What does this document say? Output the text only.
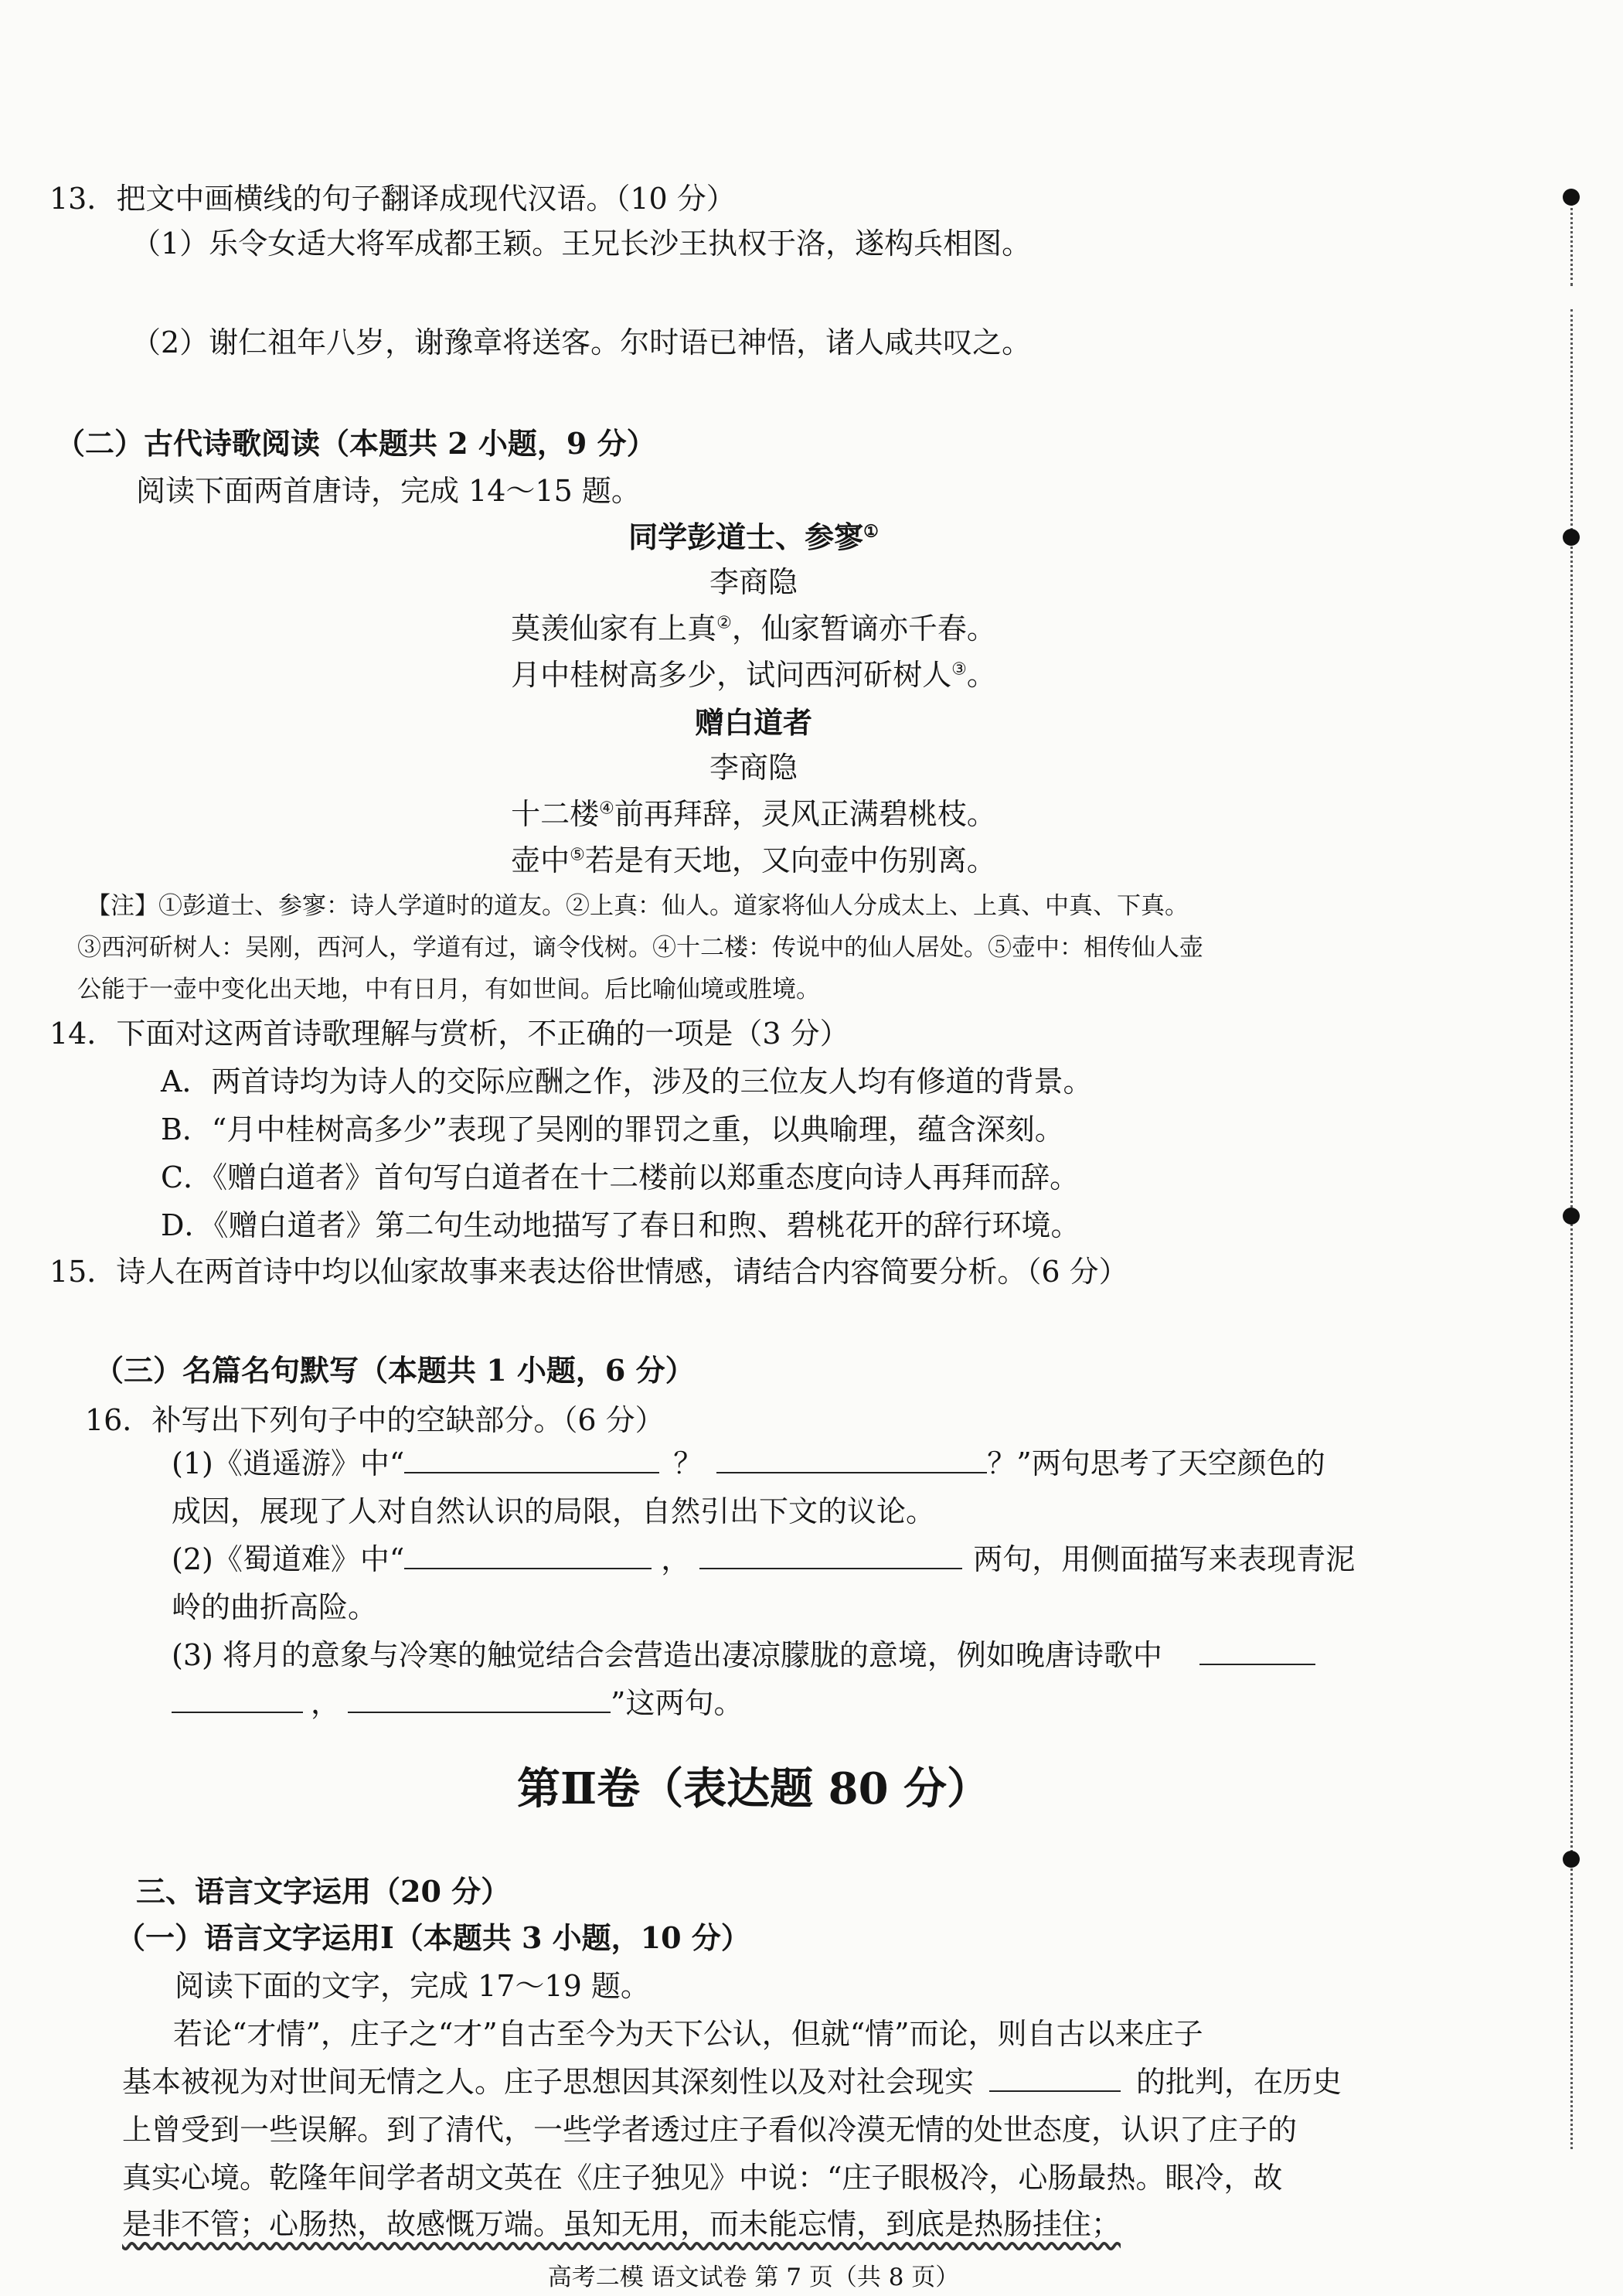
13．把文中画横线的句子翻译成现代汉语。（10 分）
（1）乐令女适大将军成都王颖。王兄长沙王执权于洛，遂构兵相图。
（2）谢仁祖年八岁，谢豫章将送客。尔时语已神悟，诸人咸共叹之。
（二）古代诗歌阅读（本题共 2 小题，9 分）
阅读下面两首唐诗，完成 14～15 题。
同学彭道士、参寥①
李商隐
莫羡仙家有上真②，仙家暂谪亦千春。
月中桂树高多少，试问西河斫树人③。
赠白道者
李商隐
十二楼④前再拜辞，灵风正满碧桃枝。
壶中⑤若是有天地，又向壶中伤别离。
【注】①彭道士、参寥：诗人学道时的道友。②上真：仙人。道家将仙人分成太上、上真、中真、下真。
③西河斫树人：吴刚，西河人，学道有过，谪令伐树。④十二楼：传说中的仙人居处。⑤壶中：相传仙人壶
公能于一壶中变化出天地，中有日月，有如世间。后比喻仙境或胜境。
14．下面对这两首诗歌理解与赏析，不正确的一项是（3 分）
A．两首诗均为诗人的交际应酬之作，涉及的三位友人均有修道的背景。
B．“月中桂树高多少”表现了吴刚的罪罚之重，以典喻理，蕴含深刻。
C．《赠白道者》首句写白道者在十二楼前以郑重态度向诗人再拜而辞。
D．《赠白道者》第二句生动地描写了春日和煦、碧桃花开的辞行环境。
15．诗人在两首诗中均以仙家故事来表达俗世情感，请结合内容简要分析。（6 分）
（三）名篇名句默写（本题共 1 小题，6 分）
16．补写出下列句子中的空缺部分。（6 分）
(1)《逍遥游》中“	？	？”两句思考了天空颜色的
成因，展现了人对自然认识的局限，自然引出下文的议论。
(2)《蜀道难》中“	，	两句，用侧面描写来表现青泥
岭的曲折高险。
(3) 将月的意象与冷寒的触觉结合会营造出凄凉朦胧的意境，例如晚唐诗歌中
，	”这两句。
第Ⅱ卷（表达题 80 分）
三、语言文字运用（20 分）
（一）语言文字运用Ⅰ（本题共 3 小题，10 分）
阅读下面的文字，完成 17～19 题。
若论“才情”，庄子之“才”自古至今为天下公认，但就“情”而论，则自古以来庄子
基本被视为对世间无情之人。庄子思想因其深刻性以及对社会现实	的批判，在历史
上曾受到一些误解。到了清代，一些学者透过庄子看似冷漠无情的处世态度，认识了庄子的
真实心境。乾隆年间学者胡文英在《庄子独见》中说：“庄子眼极冷，心肠最热。眼冷，故
是非不管；心肠热，故感慨万端。虽知无用，而未能忘情，到底是热肠挂住；
高考二模 语文试卷 第 7 页（共 8 页）
